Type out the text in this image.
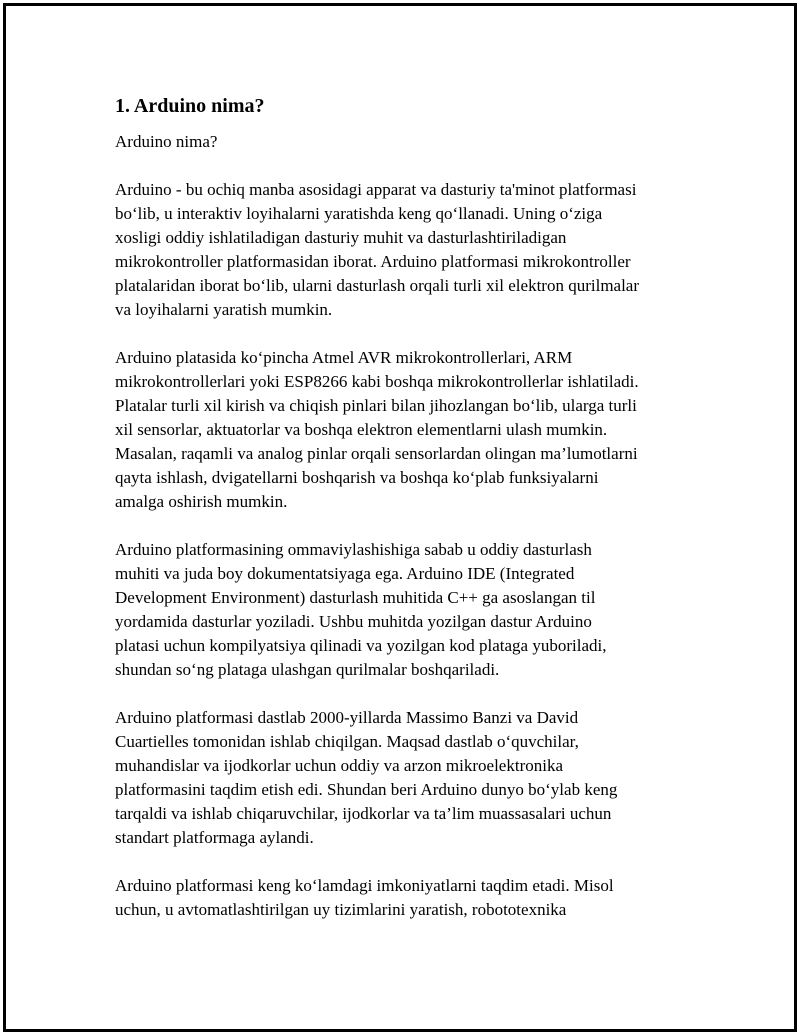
1. Arduino nima?
Arduino nima?
Arduino - bu ochiq manba asosidagi apparat va dasturiy ta'minot platformasi
bo‘lib, u interaktiv loyihalarni yaratishda keng qo‘llanadi. Uning o‘ziga
xosligi oddiy ishlatiladigan dasturiy muhit va dasturlashtiriladigan
mikrokontroller platformasidan iborat. Arduino platformasi mikrokontroller
platalaridan iborat bo‘lib, ularni dasturlash orqali turli xil elektron qurilmalar
va loyihalarni yaratish mumkin.
Arduino platasida ko‘pincha Atmel AVR mikrokontrollerlari, ARM
mikrokontrollerlari yoki ESP8266 kabi boshqa mikrokontrollerlar ishlatiladi.
Platalar turli xil kirish va chiqish pinlari bilan jihozlangan bo‘lib, ularga turli
xil sensorlar, aktuatorlar va boshqa elektron elementlarni ulash mumkin.
Masalan, raqamli va analog pinlar orqali sensorlardan olingan ma’lumotlarni
qayta ishlash, dvigatellarni boshqarish va boshqa ko‘plab funksiyalarni
amalga oshirish mumkin.
Arduino platformasining ommaviylashishiga sabab u oddiy dasturlash
muhiti va juda boy dokumentatsiyaga ega. Arduino IDE (Integrated
Development Environment) dasturlash muhitida C++ ga asoslangan til
yordamida dasturlar yoziladi. Ushbu muhitda yozilgan dastur Arduino
platasi uchun kompilyatsiya qilinadi va yozilgan kod plataga yuboriladi,
shundan so‘ng plataga ulashgan qurilmalar boshqariladi.
Arduino platformasi dastlab 2000-yillarda Massimo Banzi va David
Cuartielles tomonidan ishlab chiqilgan. Maqsad dastlab o‘quvchilar,
muhandislar va ijodkorlar uchun oddiy va arzon mikroelektronika
platformasini taqdim etish edi. Shundan beri Arduino dunyo bo‘ylab keng
tarqaldi va ishlab chiqaruvchilar, ijodkorlar va ta’lim muassasalari uchun
standart platformaga aylandi.
Arduino platformasi keng ko‘lamdagi imkoniyatlarni taqdim etadi. Misol
uchun, u avtomatlashtirilgan uy tizimlarini yaratish, robototexnika
